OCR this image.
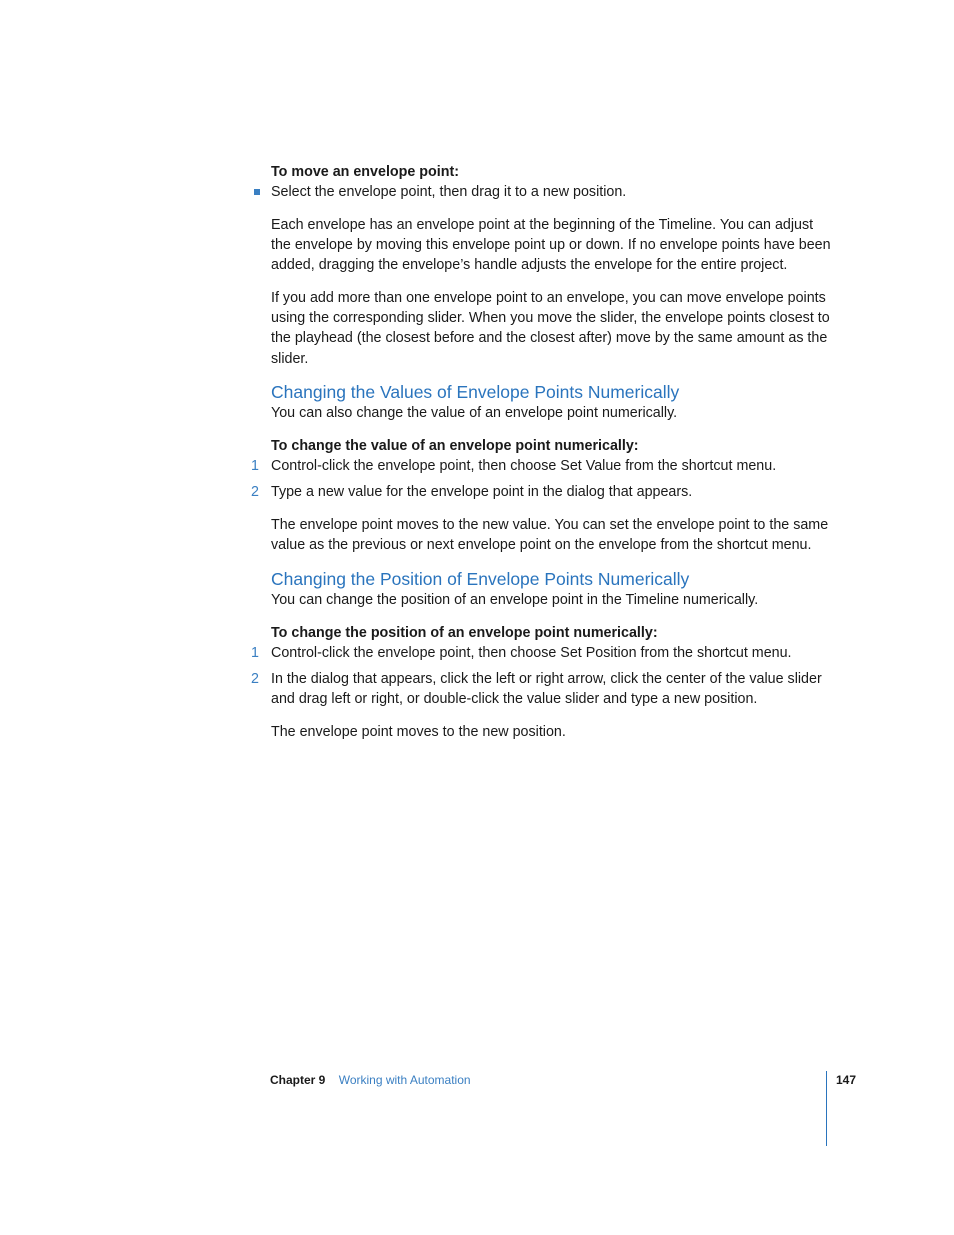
To move an envelope point:

Select the envelope point, then drag it to a new position.

Each envelope has an envelope point at the beginning of the Timeline. You can adjust the envelope by moving this envelope point up or down. If no envelope points have been added, dragging the envelope’s handle adjusts the envelope for the entire project.

If you add more than one envelope point to an envelope, you can move envelope points using the corresponding slider. When you move the slider, the envelope points closest to the playhead (the closest before and the closest after) move by the same amount as the slider.

Changing the Values of Envelope Points Numerically

You can also change the value of an envelope point numerically.

To change the value of an envelope point numerically:

1 Control-click the envelope point, then choose Set Value from the shortcut menu.
2 Type a new value for the envelope point in the dialog that appears.

The envelope point moves to the new value. You can set the envelope point to the same value as the previous or next envelope point on the envelope from the shortcut menu.

Changing the Position of Envelope Points Numerically

You can change the position of an envelope point in the Timeline numerically.

To change the position of an envelope point numerically:

1 Control-click the envelope point, then choose Set Position from the shortcut menu.
2 In the dialog that appears, click the left or right arrow, click the center of the value slider and drag left or right, or double-click the value slider and type a new position.

The envelope point moves to the new position.

Chapter 9 Working with Automation	147
